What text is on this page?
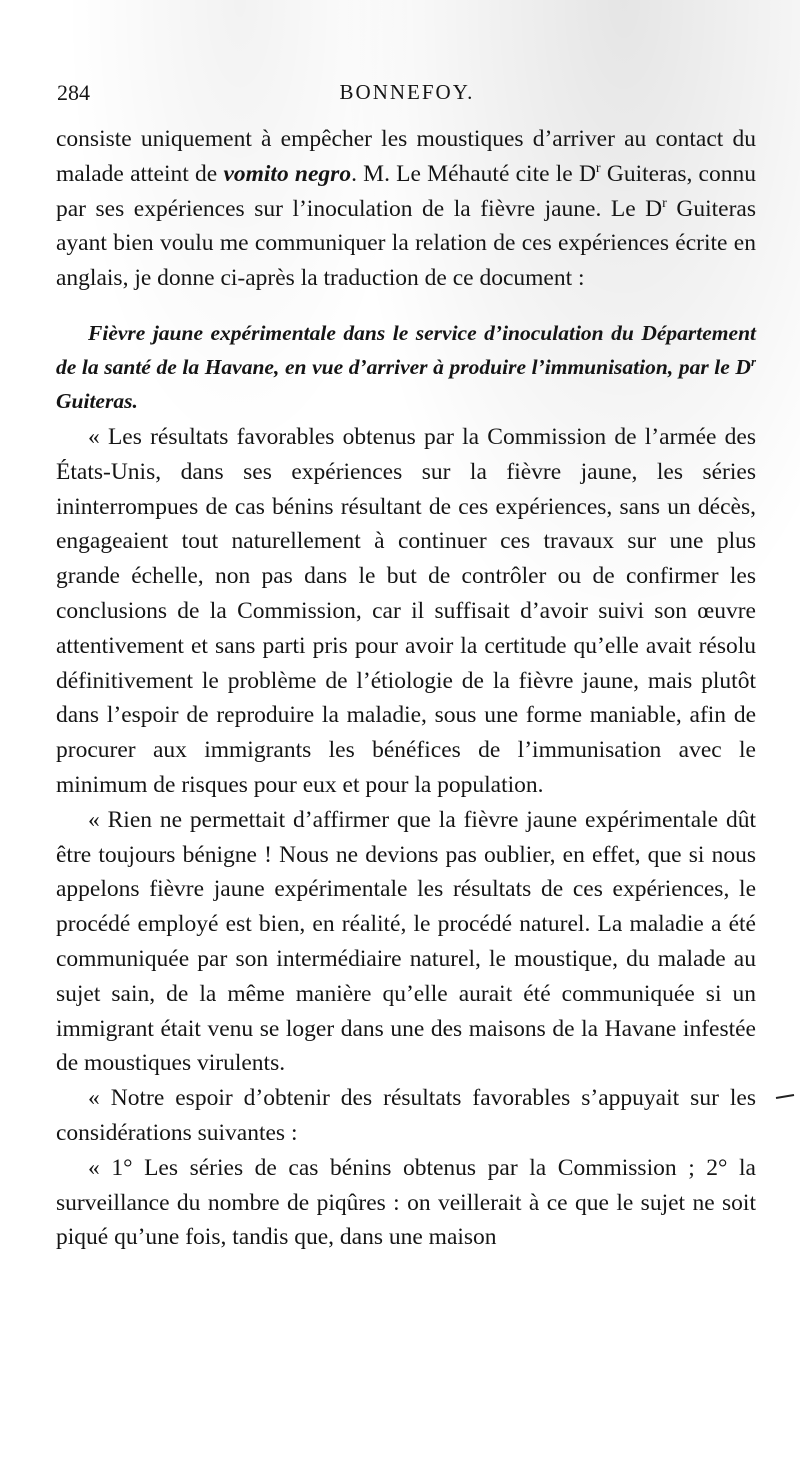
284	BONNEFOY.

consiste uniquement à empêcher les moustiques d’arriver au contact du malade atteint de vomito negro. M. Le Méhauté cite le $D^r$ Guiteras, connu par ses expériences sur l’inoculation de la fièvre jaune. Le $D^r$ Guiteras ayant bien voulu me communiquer la relation de ces expériences écrite en anglais, je donne ci-après la traduction de ce document :

Fièvre jaune expérimentale dans le service d’inoculation du Département de la santé de la Havane, en vue d’arriver à produire l’immunisation, par le $D^r$ Guiteras.

« Les résultats favorables obtenus par la Commission de l’armée des États-Unis, dans ses expériences sur la fièvre jaune, les séries ininterrompues de cas bénins résultant de ces expériences, sans un décès, engageaient tout naturellement à continuer ces travaux sur une plus grande échelle, non pas dans le but de contrôler ou de confirmer les conclusions de la Commission, car il suffisait d’avoir suivi son œuvre attentivement et sans parti pris pour avoir la certitude qu’elle avait résolu définitivement le problème de l’étiologie de la fièvre jaune, mais plutôt dans l’espoir de reproduire la maladie, sous une forme maniable, afin de procurer aux immigrants les bénéfices de l’immunisation avec le minimum de risques pour eux et pour la population.

« Rien ne permettait d’affirmer que la fièvre jaune expérimentale dût être toujours bénigne ! Nous ne devions pas oublier, en effet, que si nous appelons fièvre jaune expérimentale les résultats de ces expériences, le procédé employé est bien, en réalité, le procédé naturel. La maladie a été communiquée par son intermédiaire naturel, le moustique, du malade au sujet sain, de la même manière qu’elle aurait été communiquée si un immigrant était venu se loger dans une des maisons de la Havane infestée de moustiques virulents.

« Notre espoir d’obtenir des résultats favorables s’appuyait sur les considérations suivantes :

« 1° Les séries de cas bénins obtenus par la Commission ; 2° la surveillance du nombre de piqûres : on veillerait à ce que le sujet ne soit piqué qu’une fois, tandis que, dans une maison
